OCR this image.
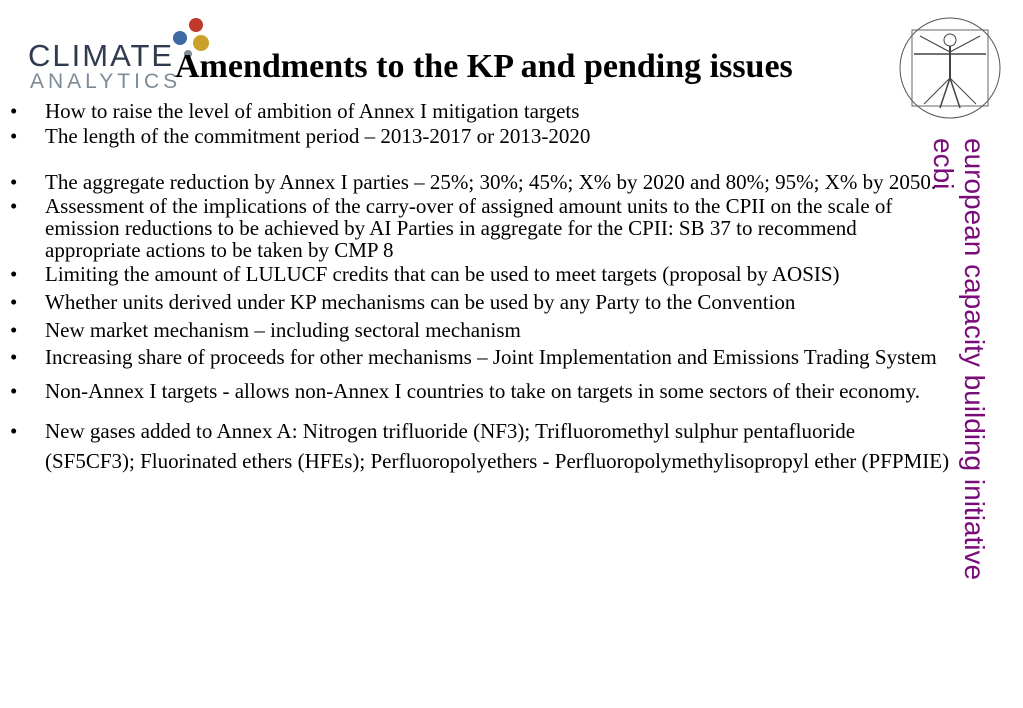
CLIMATE
ANALYTICS
Amendments to the KP and pending issues
european capacity building initiative
ecbi
• How to raise the level of ambition of Annex I mitigation targets
• The length of the commitment period – 2013-2017 or 2013-2020
• The aggregate reduction by Annex I parties – 25%; 30%; 45%; X% by 2020 and 80%; 95%; X% by 2050.
• Assessment of the implications of the carry-over of assigned amount units to the CPII on the scale of emission reductions to be achieved by AI Parties in aggregate for the CPII: SB 37 to recommend appropriate actions to be taken by CMP 8
• Limiting the amount of LULUCF credits that can be used to meet targets (proposal by AOSIS)
• Whether units derived under KP mechanisms can be used by any Party to the Convention
• New market mechanism – including sectoral mechanism
• Increasing share of proceeds for other mechanisms – Joint Implementation and Emissions Trading System
• Non-Annex I targets - allows non-Annex I countries to take on targets in some sectors of their economy.
• New gases added to Annex A: Nitrogen trifluoride (NF3); Trifluoromethyl sulphur pentafluoride (SF5CF3); Fluorinated ethers (HFEs); Perfluoropolyethers - Perfluoropolymethylisopropyl ether (PFPMIE)
